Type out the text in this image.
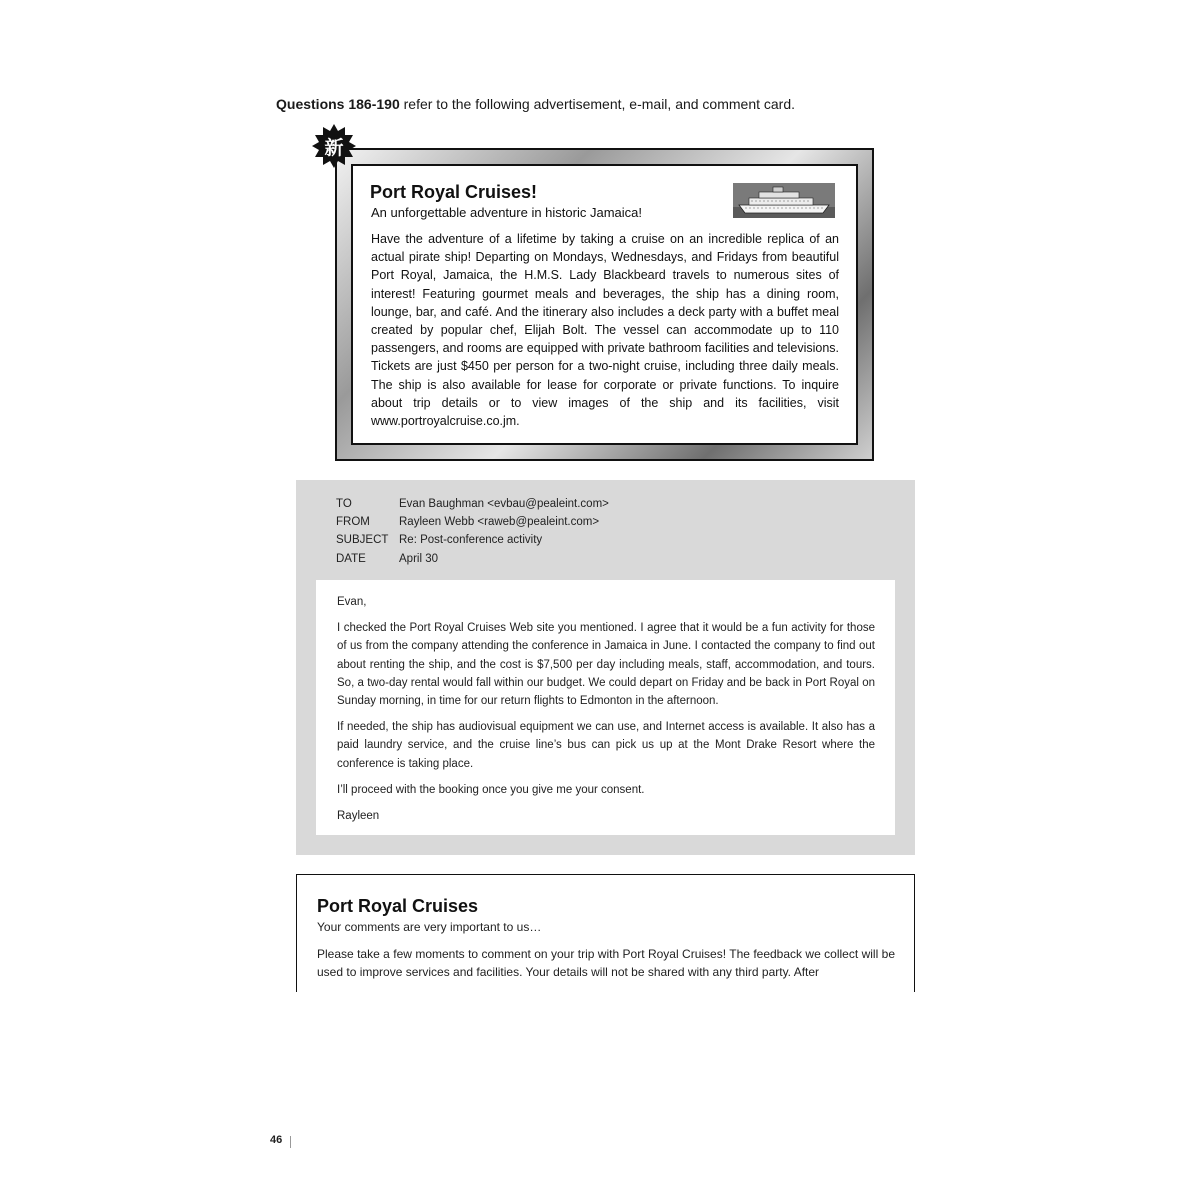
Questions 186-190 refer to the following advertisement, e-mail, and comment card.
新
Port Royal Cruises!
An unforgettable adventure in historic Jamaica!
Have the adventure of a lifetime by taking a cruise on an incredible replica of an actual pirate ship! Departing on Mondays, Wednesdays, and Fridays from beautiful Port Royal, Jamaica, the H.M.S. Lady Blackbeard travels to numerous sites of interest! Featuring gourmet meals and beverages, the ship has a dining room, lounge, bar, and café. And the itinerary also includes a deck party with a buffet meal created by popular chef, Elijah Bolt. The vessel can accommodate up to 110 passengers, and rooms are equipped with private bathroom facilities and televisions. Tickets are just $450 per person for a two-night cruise, including three daily meals. The ship is also available for lease for corporate or private functions. To inquire about trip details or to view images of the ship and its facilities, visit www.portroyalcruise.co.jm.
TO	Evan Baughman <evbau@pealeint.com>
FROM	Rayleen Webb <raweb@pealeint.com>
SUBJECT Re: Post-conference activity
DATE	April 30

Evan,

I checked the Port Royal Cruises Web site you mentioned. I agree that it would be a fun activity for those of us from the company attending the conference in Jamaica in June. I contacted the company to find out about renting the ship, and the cost is $7,500 per day including meals, staff, accommodation, and tours. So, a two-day rental would fall within our budget. We could depart on Friday and be back in Port Royal on Sunday morning, in time for our return flights to Edmonton in the afternoon.

If needed, the ship has audiovisual equipment we can use, and Internet access is available. It also has a paid laundry service, and the cruise line’s bus can pick us up at the Mont Drake Resort where the conference is taking place.

I’ll proceed with the booking once you give me your consent.

Rayleen

Port Royal Cruises
Your comments are very important to us…
Please take a few moments to comment on your trip with Port Royal Cruises! The feedback we collect will be used to improve services and facilities. Your details will not be shared with any third party. After
46
